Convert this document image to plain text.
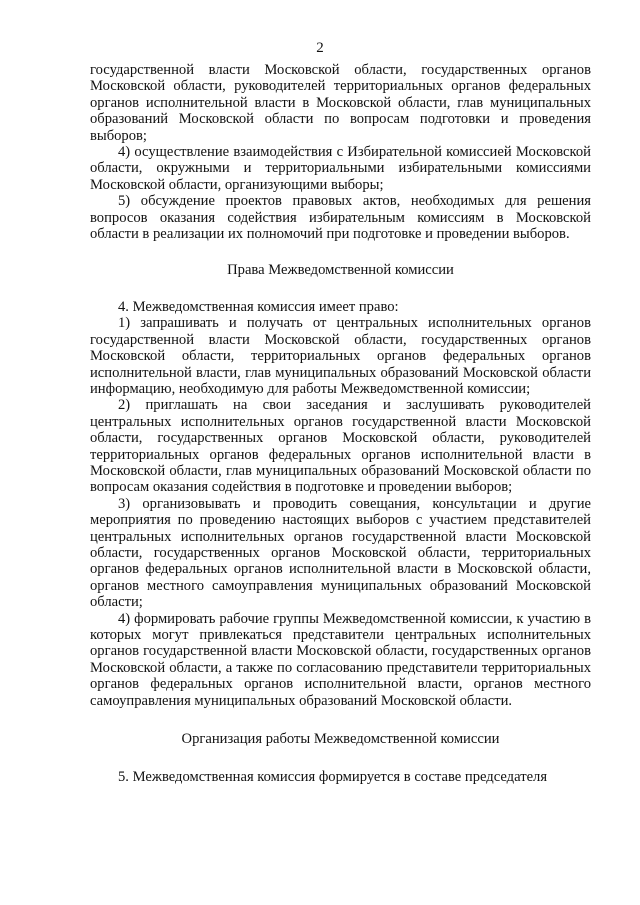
2

государственной власти Московской области, государственных органов Московской области, руководителей территориальных органов федеральных органов исполнительной власти в Московской области, глав муниципальных образований Московской области по вопросам подготовки и проведения выборов;

4) осуществление взаимодействия с Избирательной комиссией Московской области, окружными и территориальными избирательными комиссиями Московской области, организующими выборы;

5) обсуждение проектов правовых актов, необходимых для решения вопросов оказания содействия избирательным комиссиям в Московской области в реализации их полномочий при подготовке и проведении выборов.

Права Межведомственной комиссии

4. Межведомственная комиссия имеет право:

1) запрашивать и получать от центральных исполнительных органов государственной власти Московской области, государственных органов Московской области, территориальных органов федеральных органов исполнительной власти, глав муниципальных образований Московской области информацию, необходимую для работы Межведомственной комиссии;

2) приглашать на свои заседания и заслушивать руководителей центральных исполнительных органов государственной власти Московской области, государственных органов Московской области, руководителей территориальных органов федеральных органов исполнительной власти в Московской области, глав муниципальных образований Московской области по вопросам оказания содействия в подготовке и проведении выборов;

3) организовывать и проводить совещания, консультации и другие мероприятия по проведению настоящих выборов с участием представителей центральных исполнительных органов государственной власти Московской области, государственных органов Московской области, территориальных органов федеральных органов исполнительной власти в Московской области, органов местного самоуправления муниципальных образований Московской области;

4) формировать рабочие группы Межведомственной комиссии, к участию в которых могут привлекаться представители центральных исполнительных органов государственной власти Московской области, государственных органов Московской области, а также по согласованию представители территориальных органов федеральных органов исполнительной власти, органов местного самоуправления муниципальных образований Московской области.

Организация работы Межведомственной комиссии

5. Межведомственная комиссия формируется в составе председателя
